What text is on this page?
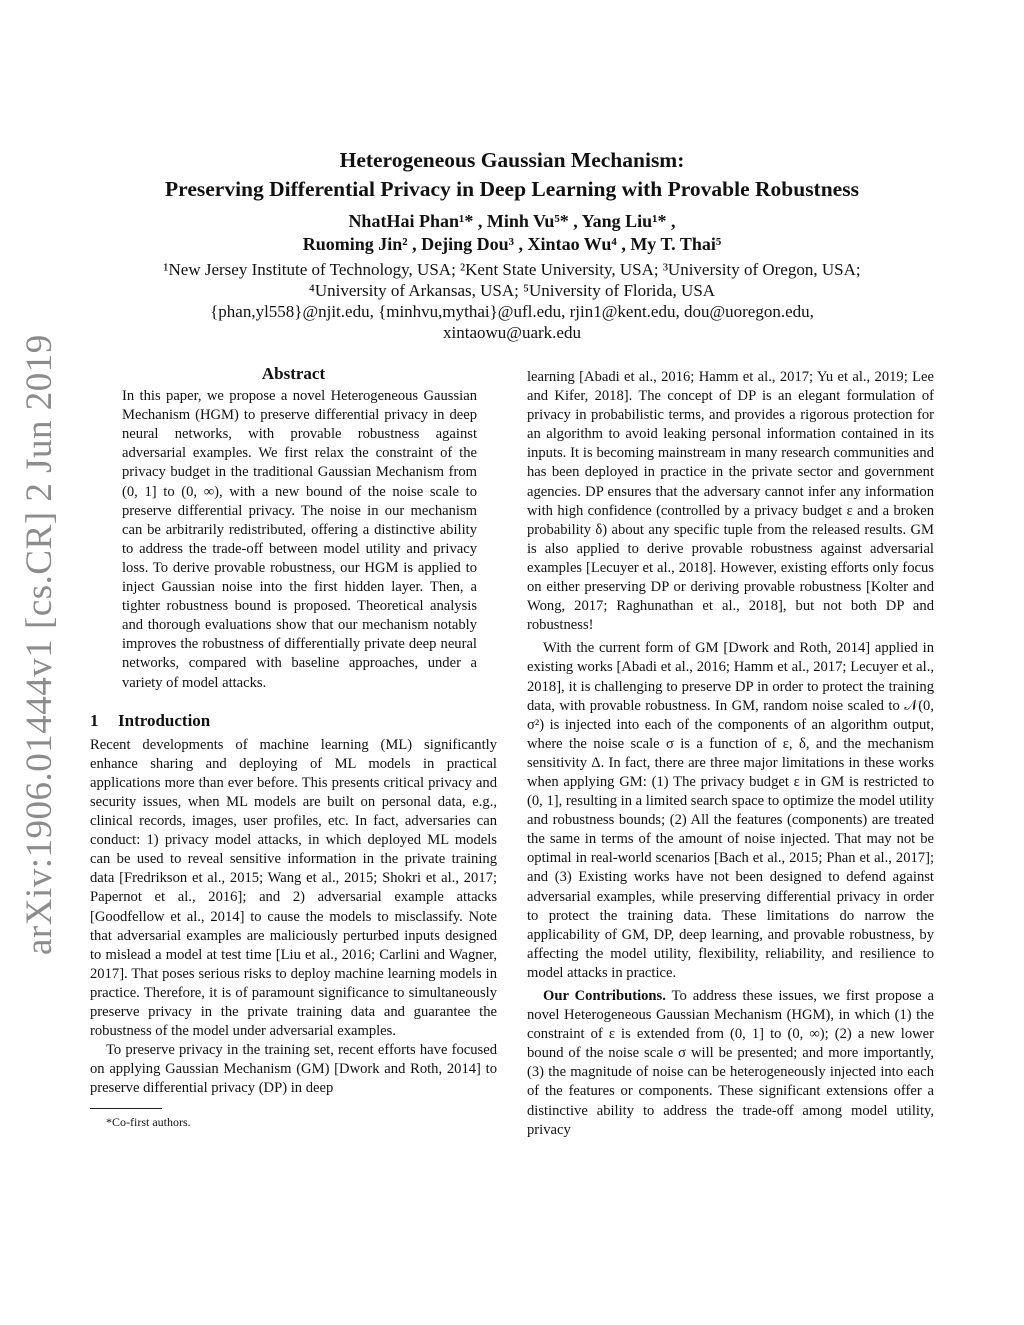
arXiv:1906.01444v1 [cs.CR] 2 Jun 2019
Heterogeneous Gaussian Mechanism:
Preserving Differential Privacy in Deep Learning with Provable Robustness
NhatHai Phan¹* , Minh Vu⁵* , Yang Liu¹* ,
Ruoming Jin² , Dejing Dou³ , Xintao Wu⁴ , My T. Thai⁵
¹New Jersey Institute of Technology, USA; ²Kent State University, USA; ³University of Oregon, USA;
⁴University of Arkansas, USA; ⁵University of Florida, USA
{phan,yl558}@njit.edu, {minhvu,mythai}@ufl.edu, rjin1@kent.edu, dou@uoregon.edu,
xintaowu@uark.edu
Abstract
In this paper, we propose a novel Heterogeneous Gaussian Mechanism (HGM) to preserve differential privacy in deep neural networks, with provable robustness against adversarial examples. We first relax the constraint of the privacy budget in the traditional Gaussian Mechanism from (0, 1] to (0, ∞), with a new bound of the noise scale to preserve differential privacy. The noise in our mechanism can be arbitrarily redistributed, offering a distinctive ability to address the trade-off between model utility and privacy loss. To derive provable robustness, our HGM is applied to inject Gaussian noise into the first hidden layer. Then, a tighter robustness bound is proposed. Theoretical analysis and thorough evaluations show that our mechanism notably improves the robustness of differentially private deep neural networks, compared with baseline approaches, under a variety of model attacks.
1 Introduction

Recent developments of machine learning (ML) significantly enhance sharing and deploying of ML models in practical applications more than ever before. This presents critical privacy and security issues, when ML models are built on personal data, e.g., clinical records, images, user profiles, etc. In fact, adversaries can conduct: 1) privacy model attacks, in which deployed ML models can be used to reveal sensitive information in the private training data [Fredrikson et al., 2015; Wang et al., 2015; Shokri et al., 2017; Papernot et al., 2016]; and 2) adversarial example attacks [Goodfellow et al., 2014] to cause the models to misclassify. Note that adversarial examples are maliciously perturbed inputs designed to mislead a model at test time [Liu et al., 2016; Carlini and Wagner, 2017]. That poses serious risks to deploy machine learning models in practice. Therefore, it is of paramount significance to simultaneously preserve privacy in the private training data and guarantee the robustness of the model under adversarial examples.

To preserve privacy in the training set, recent efforts have focused on applying Gaussian Mechanism (GM) [Dwork and Roth, 2014] to preserve differential privacy (DP) in deep

*Co-first authors.

learning [Abadi et al., 2016; Hamm et al., 2017; Yu et al., 2019; Lee and Kifer, 2018]. The concept of DP is an elegant formulation of privacy in probabilistic terms, and provides a rigorous protection for an algorithm to avoid leaking personal information contained in its inputs. It is becoming mainstream in many research communities and has been deployed in practice in the private sector and government agencies. DP ensures that the adversary cannot infer any information with high confidence (controlled by a privacy budget ε and a broken probability δ) about any specific tuple from the released results. GM is also applied to derive provable robustness against adversarial examples [Lecuyer et al., 2018]. However, existing efforts only focus on either preserving DP or deriving provable robustness [Kolter and Wong, 2017; Raghunathan et al., 2018], but not both DP and robustness!

With the current form of GM [Dwork and Roth, 2014] applied in existing works [Abadi et al., 2016; Hamm et al., 2017; Lecuyer et al., 2018], it is challenging to preserve DP in order to protect the training data, with provable robustness. In GM, random noise scaled to 𝒩(0, σ²) is injected into each of the components of an algorithm output, where the noise scale σ is a function of ε, δ, and the mechanism sensitivity Δ. In fact, there are three major limitations in these works when applying GM: (1) The privacy budget ε in GM is restricted to (0, 1], resulting in a limited search space to optimize the model utility and robustness bounds; (2) All the features (components) are treated the same in terms of the amount of noise injected. That may not be optimal in real-world scenarios [Bach et al., 2015; Phan et al., 2017]; and (3) Existing works have not been designed to defend against adversarial examples, while preserving differential privacy in order to protect the training data. These limitations do narrow the applicability of GM, DP, deep learning, and provable robustness, by affecting the model utility, flexibility, reliability, and resilience to model attacks in practice.

Our Contributions. To address these issues, we first propose a novel Heterogeneous Gaussian Mechanism (HGM), in which (1) the constraint of ε is extended from (0, 1] to (0, ∞); (2) a new lower bound of the noise scale σ will be presented; and more importantly, (3) the magnitude of noise can be heterogeneously injected into each of the features or components. These significant extensions offer a distinctive ability to address the trade-off among model utility, privacy
